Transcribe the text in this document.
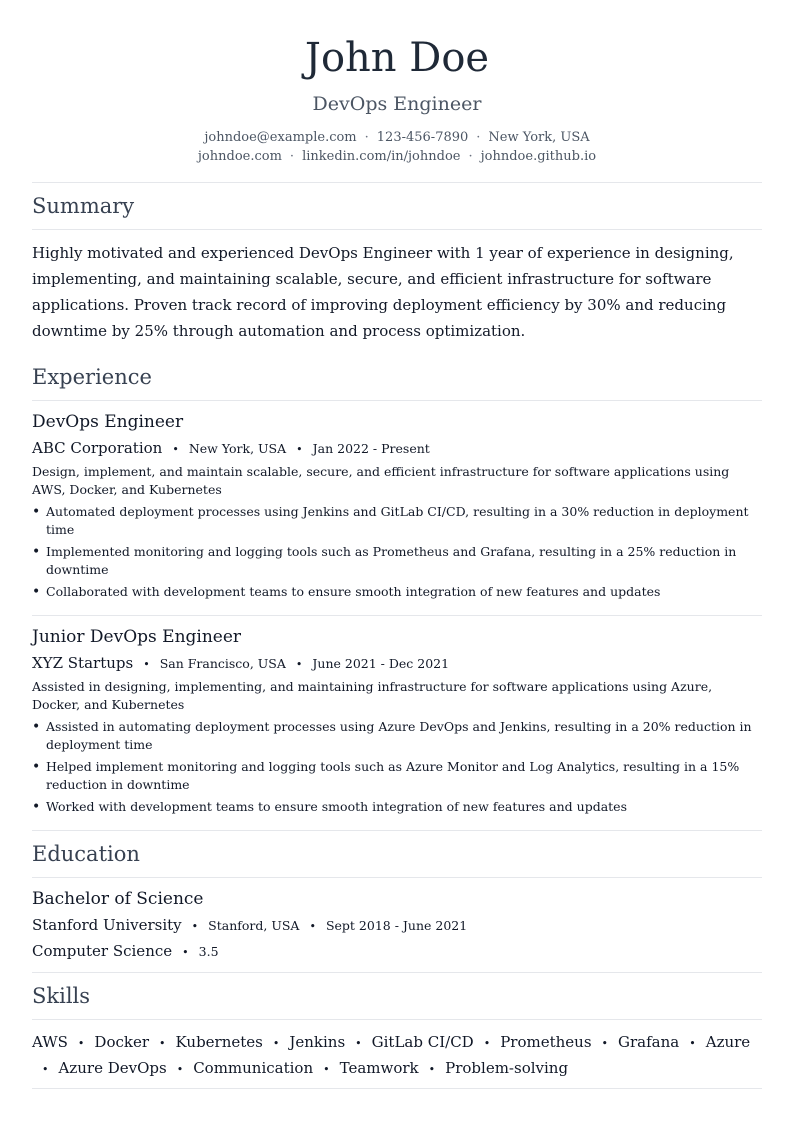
John Doe
DevOps Engineer
johndoe@example.com · 123-456-7890 · New York, USA
johndoe.com · linkedin.com/in/johndoe · johndoe.github.io
Summary

Highly motivated and experienced DevOps Engineer with 1 year of experience in designing, implementing, and maintaining scalable, secure, and efficient infrastructure for software applications. Proven track record of improving deployment efficiency by 30% and reducing downtime by 25% through automation and process optimization.

Experience
DevOps Engineer
ABC Corporation • New York, USA • Jan 2022 - Present
Design, implement, and maintain scalable, secure, and efficient infrastructure for software applications using AWS, Docker, and Kubernetes
• Automated deployment processes using Jenkins and GitLab CI/CD, resulting in a 30% reduction in deployment time
• Implemented monitoring and logging tools such as Prometheus and Grafana, resulting in a 25% reduction in downtime
• Collaborated with development teams to ensure smooth integration of new features and updates
Junior DevOps Engineer
XYZ Startups • San Francisco, USA • June 2021 - Dec 2021
Assisted in designing, implementing, and maintaining infrastructure for software applications using Azure, Docker, and Kubernetes
• Assisted in automating deployment processes using Azure DevOps and Jenkins, resulting in a 20% reduction in deployment time
• Helped implement monitoring and logging tools such as Azure Monitor and Log Analytics, resulting in a 15% reduction in downtime
• Worked with development teams to ensure smooth integration of new features and updates
Education
Bachelor of Science
Stanford University • Stanford, USA • Sept 2018 - June 2021
Computer Science • 3.5
Skills
AWS • Docker • Kubernetes • Jenkins • GitLab CI/CD • Prometheus • Grafana • Azure
• Azure DevOps • Communication • Teamwork • Problem-solving
